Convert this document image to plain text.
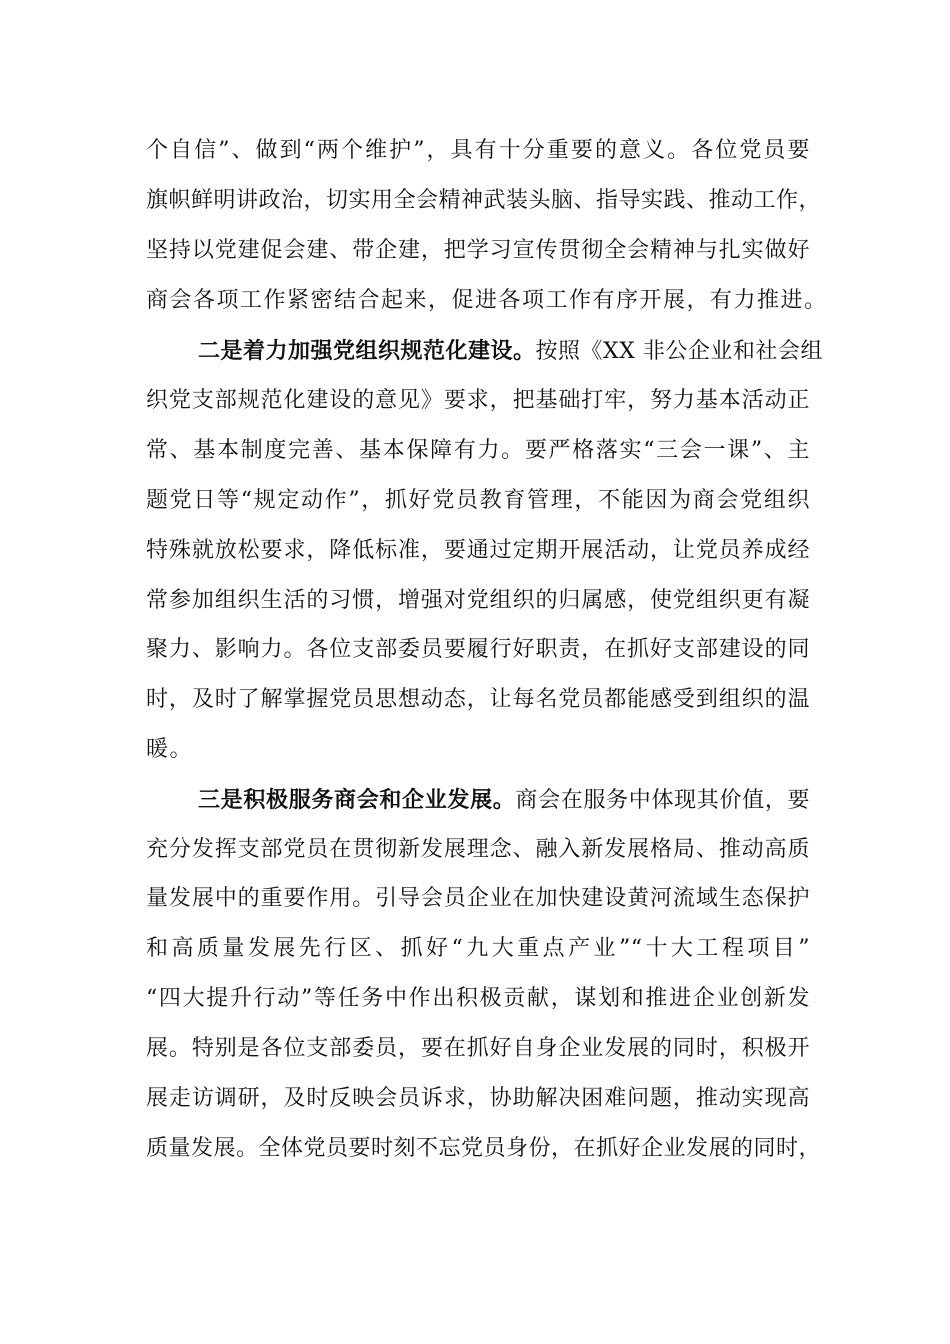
个自信”、做到“两个维护”，具有十分重要的意义。各位党员要
旗帜鲜明讲政治，切实用全会精神武装头脑、指导实践、推动工作，
坚持以党建促会建、带企建，把学习宣传贯彻全会精神与扎实做好
商会各项工作紧密结合起来，促进各项工作有序开展，有力推进。
二是着力加强党组织规范化建设。按照《XX 非公企业和社会组
织党支部规范化建设的意见》要求，把基础打牢，努力基本活动正
常、基本制度完善、基本保障有力。要严格落实“三会一课”、主
题党日等“规定动作”，抓好党员教育管理，不能因为商会党组织
特殊就放松要求，降低标准，要通过定期开展活动，让党员养成经
常参加组织生活的习惯，增强对党组织的归属感，使党组织更有凝
聚力、影响力。各位支部委员要履行好职责，在抓好支部建设的同
时，及时了解掌握党员思想动态，让每名党员都能感受到组织的温
暖。
三是积极服务商会和企业发展。商会在服务中体现其价值，要
充分发挥支部党员在贯彻新发展理念、融入新发展格局、推动高质
量发展中的重要作用。引导会员企业在加快建设黄河流域生态保护
和高质量发展先行区、抓好“九大重点产业”“十大工程项目”
“四大提升行动”等任务中作出积极贡献，谋划和推进企业创新发
展。特别是各位支部委员，要在抓好自身企业发展的同时，积极开
展走访调研，及时反映会员诉求，协助解决困难问题，推动实现高
质量发展。全体党员要时刻不忘党员身份，在抓好企业发展的同时，
